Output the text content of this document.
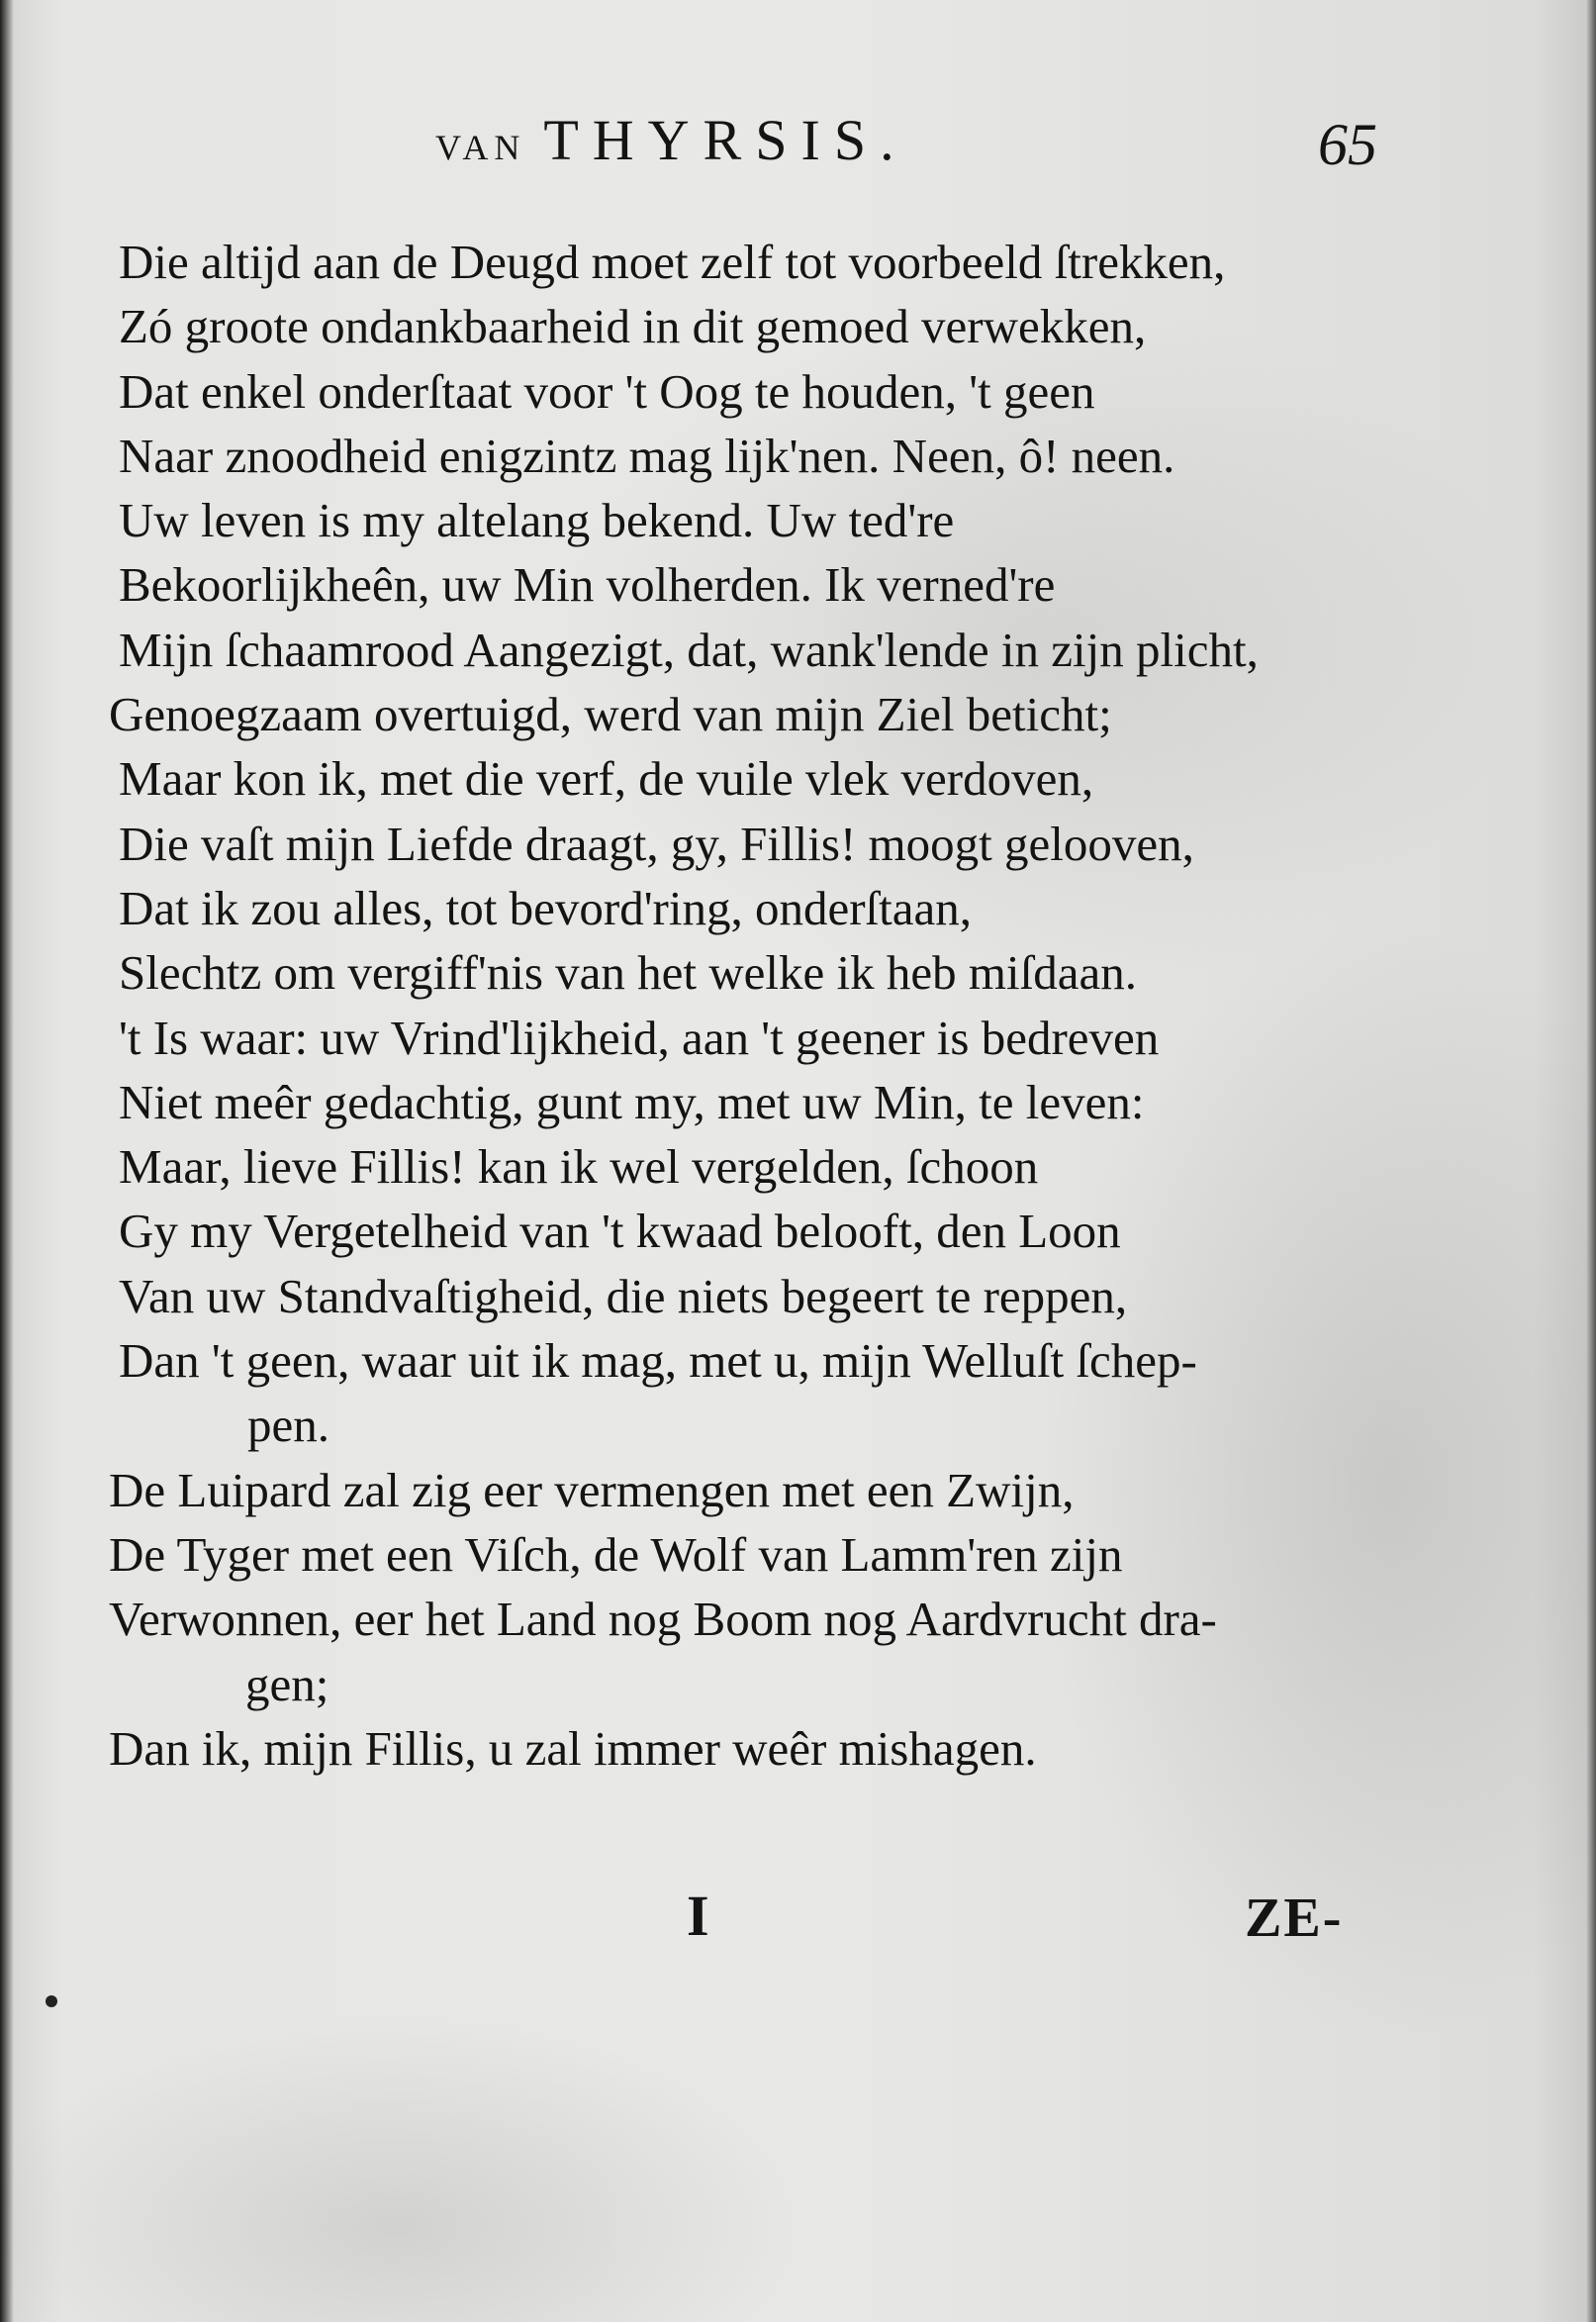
VAN THYRSIS.	65
Die altijd aan de Deugd moet zelf tot voorbeeld ſtrekken,
Zó groote ondankbaarheid in dit gemoed verwekken,
Dat enkel onderſtaat voor 't Oog te houden, 't geen
Naar znoodheid enigzintz mag lijk'nen. Neen, ô! neen.
Uw leven is my altelang bekend. Uw ted're
Bekoorlijkheên, uw Min volherden. Ik verned're
Mijn ſchaamrood Aangezigt, dat, wank'lende in zijn plicht,
Genoegzaam overtuigd, werd van mijn Ziel beticht;
Maar kon ik, met die verf, de vuile vlek verdoven,
Die vaſt mijn Liefde draagt, gy, Fillis! moogt gelooven,
Dat ik zou alles, tot bevord'ring, onderſtaan,
Slechtz om vergiff'nis van het welke ik heb miſdaan.
't Is waar: uw Vrind'lijkheid, aan 't geener is bedreven
Niet meêr gedachtig, gunt my, met uw Min, te leven:
Maar, lieve Fillis! kan ik wel vergelden, ſchoon
Gy my Vergetelheid van 't kwaad belooft, den Loon
Van uw Standvaſtigheid, die niets begeert te reppen,
Dan 't geen, waar uit ik mag, met u, mijn Welluſt ſchep-
pen.
De Luipard zal zig eer vermengen met een Zwijn,
De Tyger met een Viſch, de Wolf van Lamm'ren zijn
Verwonnen, eer het Land nog Boom nog Aardvrucht dra-
gen;
Dan ik, mijn Fillis, u zal immer weêr mishagen.
I	ZE-
